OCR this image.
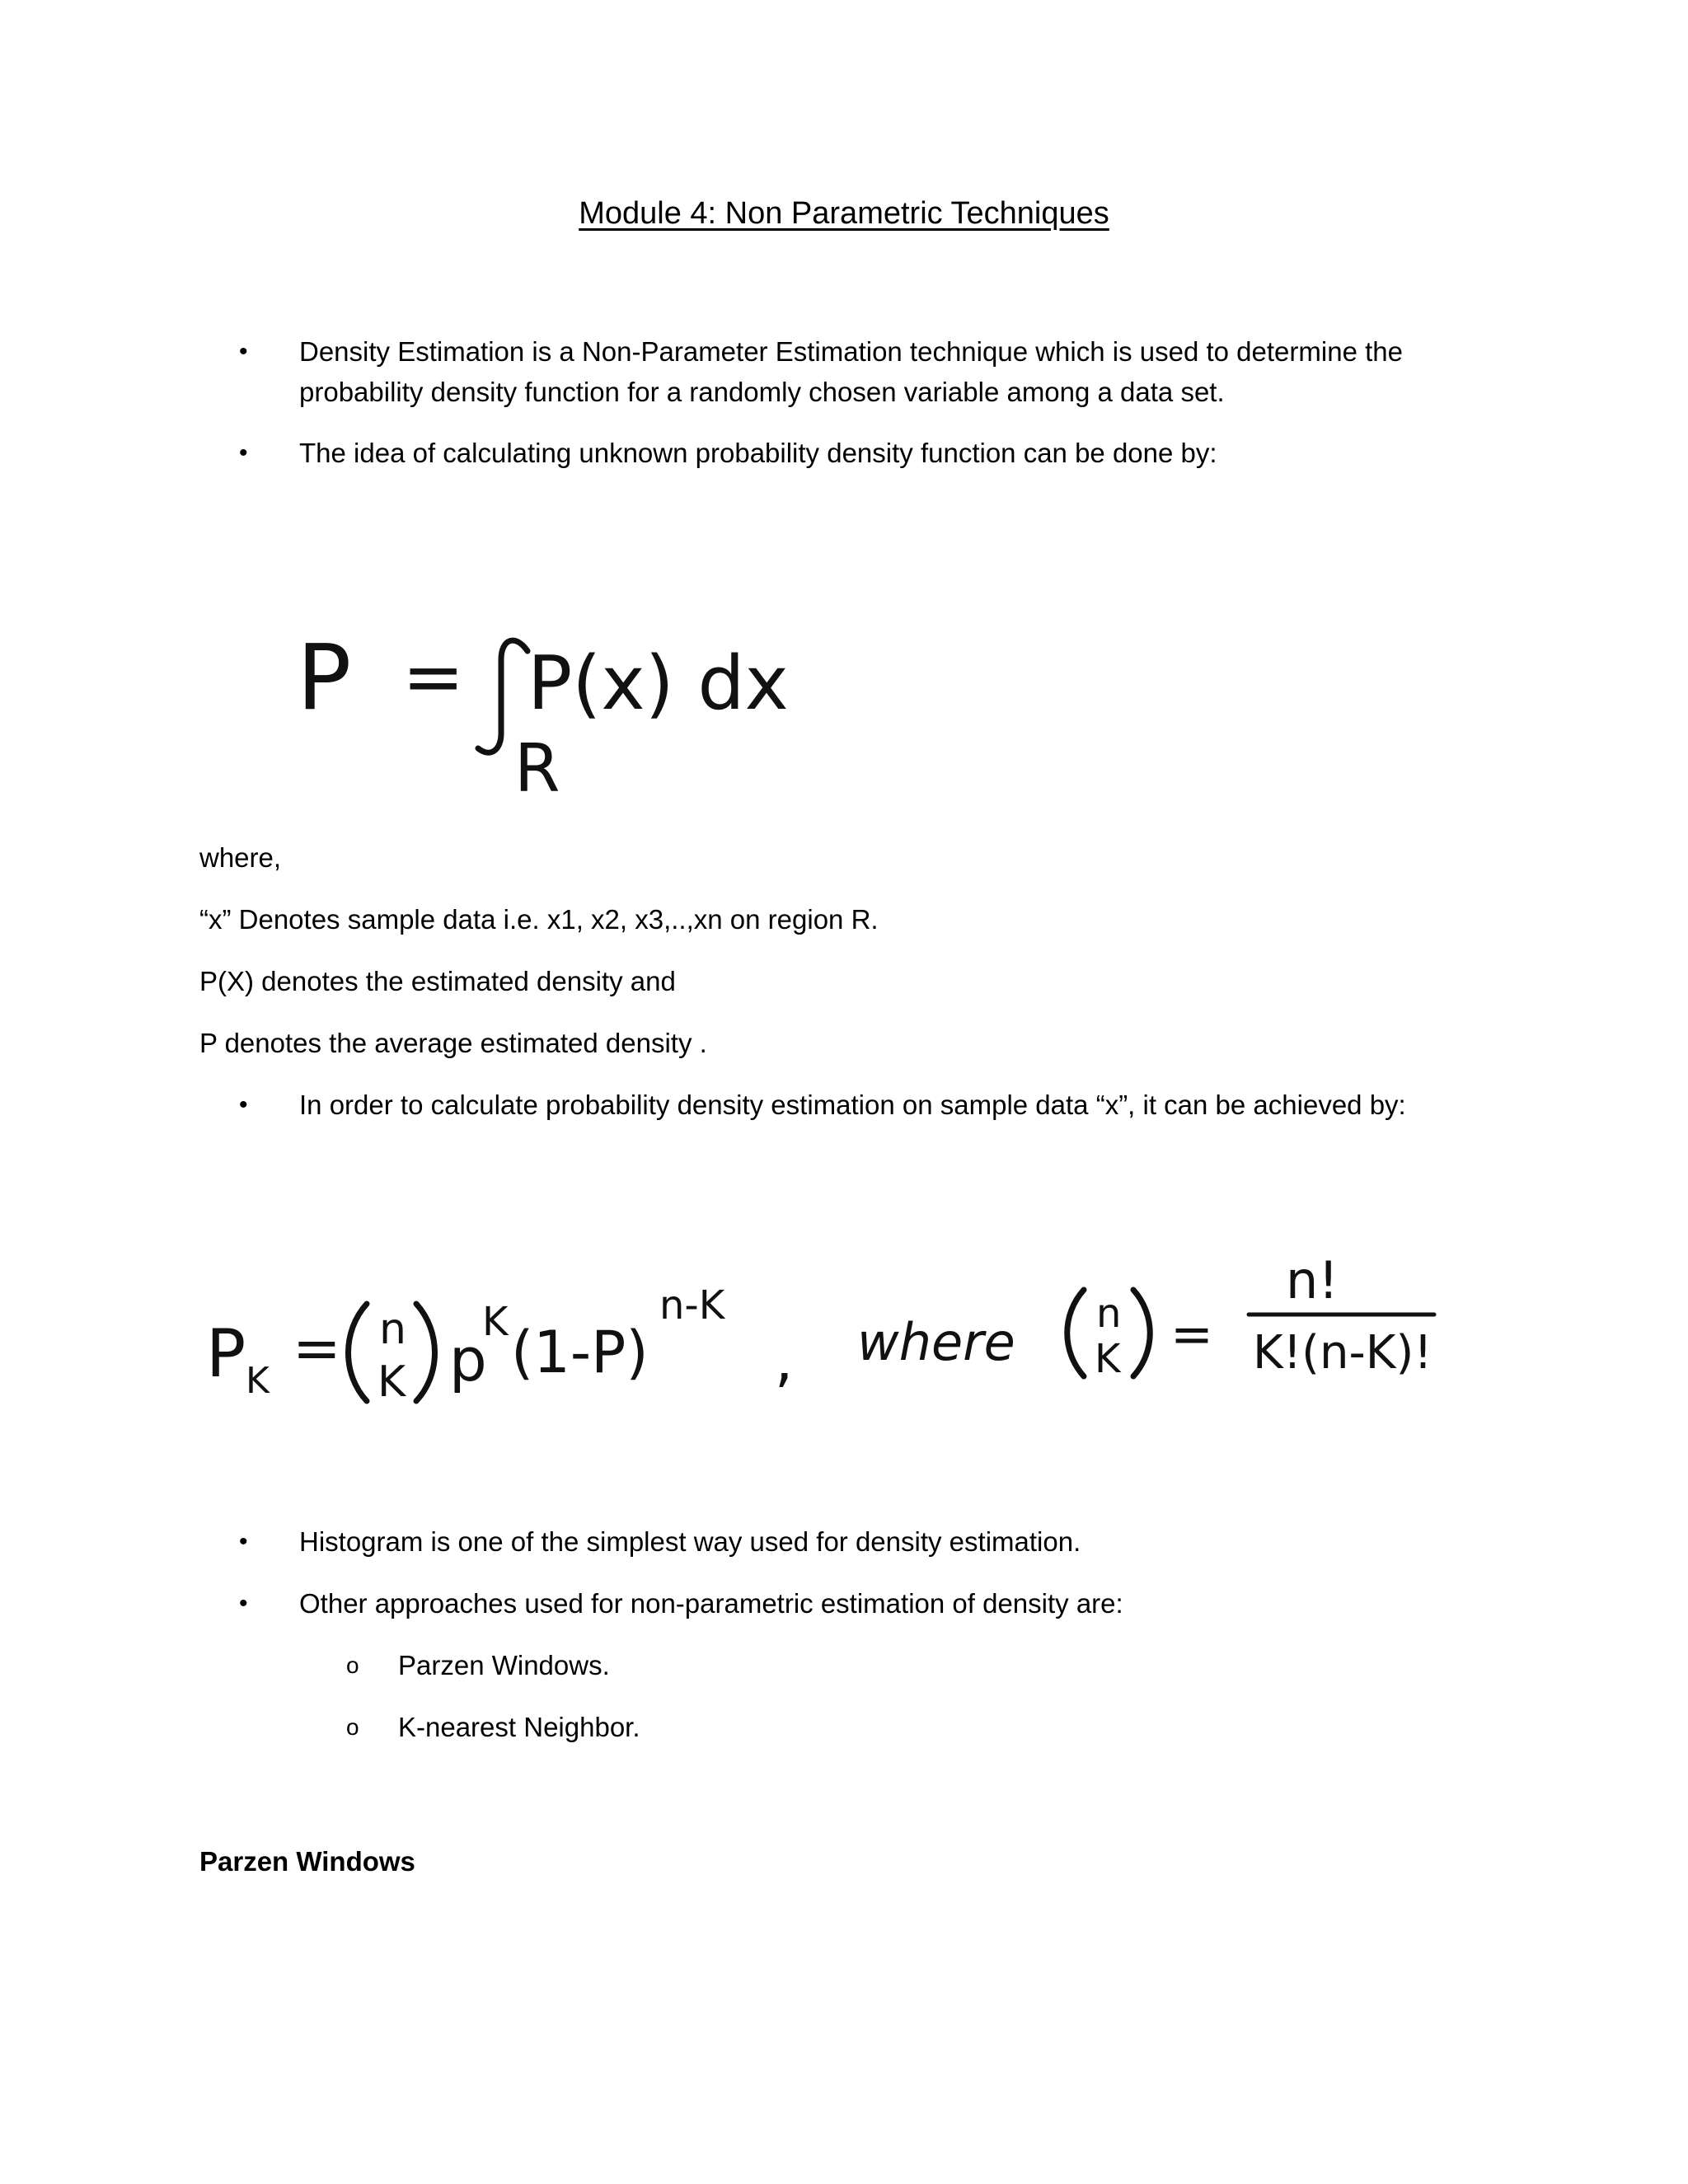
Module 4: Non Parametric Techniques
•	Density Estimation is a Non-Parameter Estimation technique which is used to determine the
probability density function for a randomly chosen variable among a data set.
•	The idea of calculating unknown probability density function can be done by:
P = P(x) dx
R
where,
“x” Denotes sample data i.e. x1, x2, x3,..,xn on region R.
P(X) denotes the estimated density and
P denotes the average estimated density .
•	In order to calculate probability density estimation on sample data “x”, it can be achieved by:
P K = n
K p
K (1-P)
n-K
, where n
K =
n!
K!(n-K)!
•	Histogram is one of the simplest way used for density estimation.
•	Other approaches used for non-parametric estimation of density are:
o Parzen Windows.
o K-nearest Neighbor.
Parzen Windows
